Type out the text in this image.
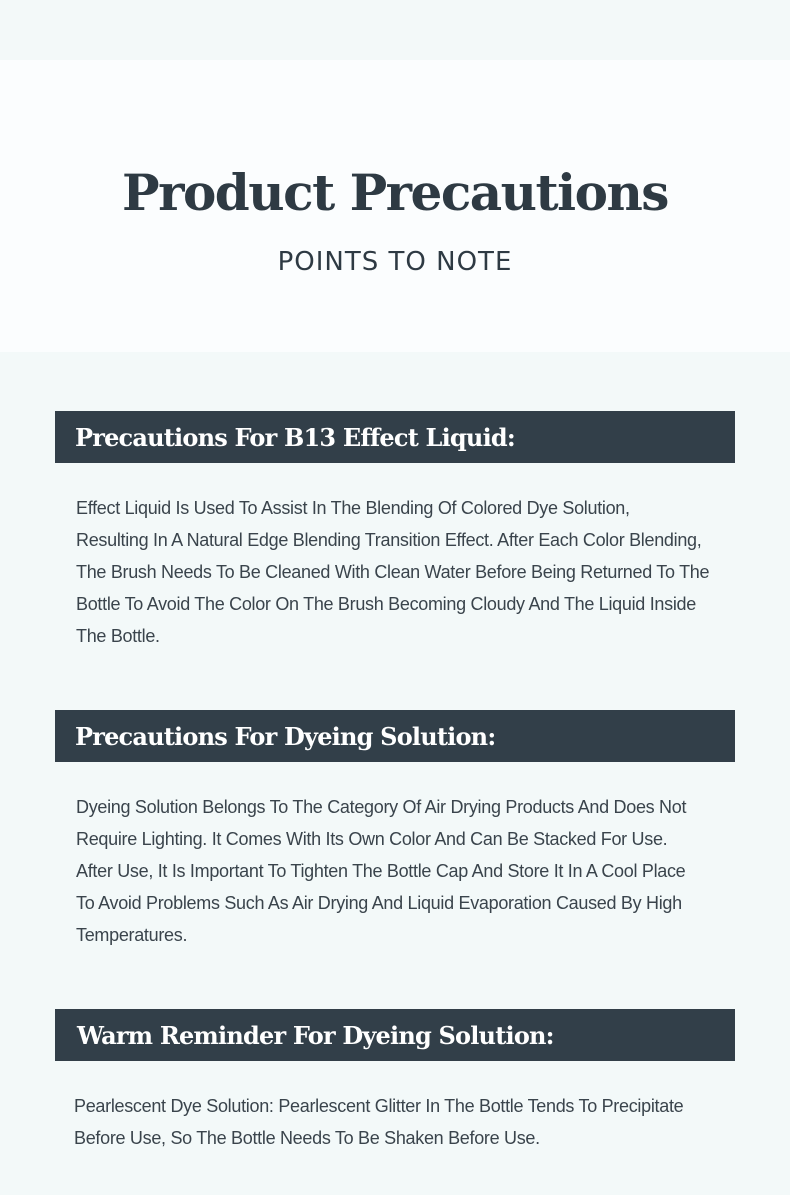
Product Precautions

POINTS TO NOTE

Precautions For B13 Effect Liquid:

Effect Liquid Is Used To Assist In The Blending Of Colored Dye Solution,
Resulting In A Natural Edge Blending Transition Effect. After Each Color Blending,
The Brush Needs To Be Cleaned With Clean Water Before Being Returned To The
Bottle To Avoid The Color On The Brush Becoming Cloudy And The Liquid Inside
The Bottle.

Precautions For Dyeing Solution:

Dyeing Solution Belongs To The Category Of Air Drying Products And Does Not
Require Lighting. It Comes With Its Own Color And Can Be Stacked For Use.
After Use, It Is Important To Tighten The Bottle Cap And Store It In A Cool Place
To Avoid Problems Such As Air Drying And Liquid Evaporation Caused By High
Temperatures.

Warm Reminder For Dyeing Solution:

Pearlescent Dye Solution: Pearlescent Glitter In The Bottle Tends To Precipitate
Before Use, So The Bottle Needs To Be Shaken Before Use.
